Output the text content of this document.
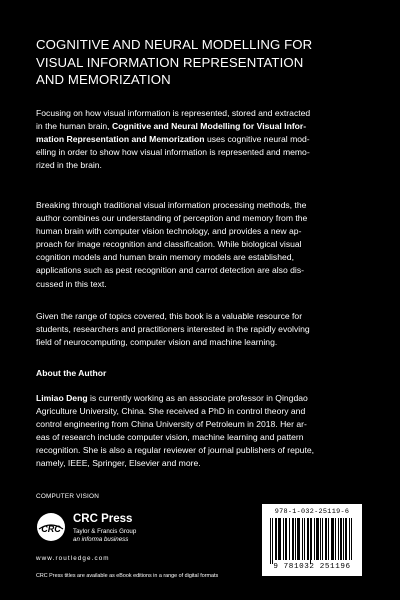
COGNITIVE AND NEURAL MODELLING FOR
VISUAL INFORMATION REPRESENTATION
AND MEMORIZATION
Focusing on how visual information is represented, stored and extracted
in the human brain, Cognitive and Neural Modelling for Visual Infor-
mation Representation and Memorization uses cognitive neural mod-
elling in order to show how visual information is represented and memo-
rized in the brain.
Breaking through traditional visual information processing methods, the
author combines our understanding of perception and memory from the
human brain with computer vision technology, and provides a new ap-
proach for image recognition and classification. While biological visual
cognition models and human brain memory models are established,
applications such as pest recognition and carrot detection are also dis-
cussed in this text.
Given the range of topics covered, this book is a valuable resource for
students, researchers and practitioners interested in the rapidly evolving
field of neurocomputing, computer vision and machine learning.
About the Author
Limiao Deng is currently working as an associate professor in Qingdao
Agriculture University, China. She received a PhD in control theory and
control engineering from China University of Petroleum in 2018. Her ar-
eas of research include computer vision, machine learning and pattern
recognition. She is also a regular reviewer of journal publishers of repute,
namely, IEEE, Springer, Elsevier and more.
COMPUTER VISION
CRC
CRC Press
Taylor & Francis Group
an informa business
www.routledge.com
CRC Press titles are available as eBook editions in a range of digital formats
978-1-032-25119-6
9 781032 251196
